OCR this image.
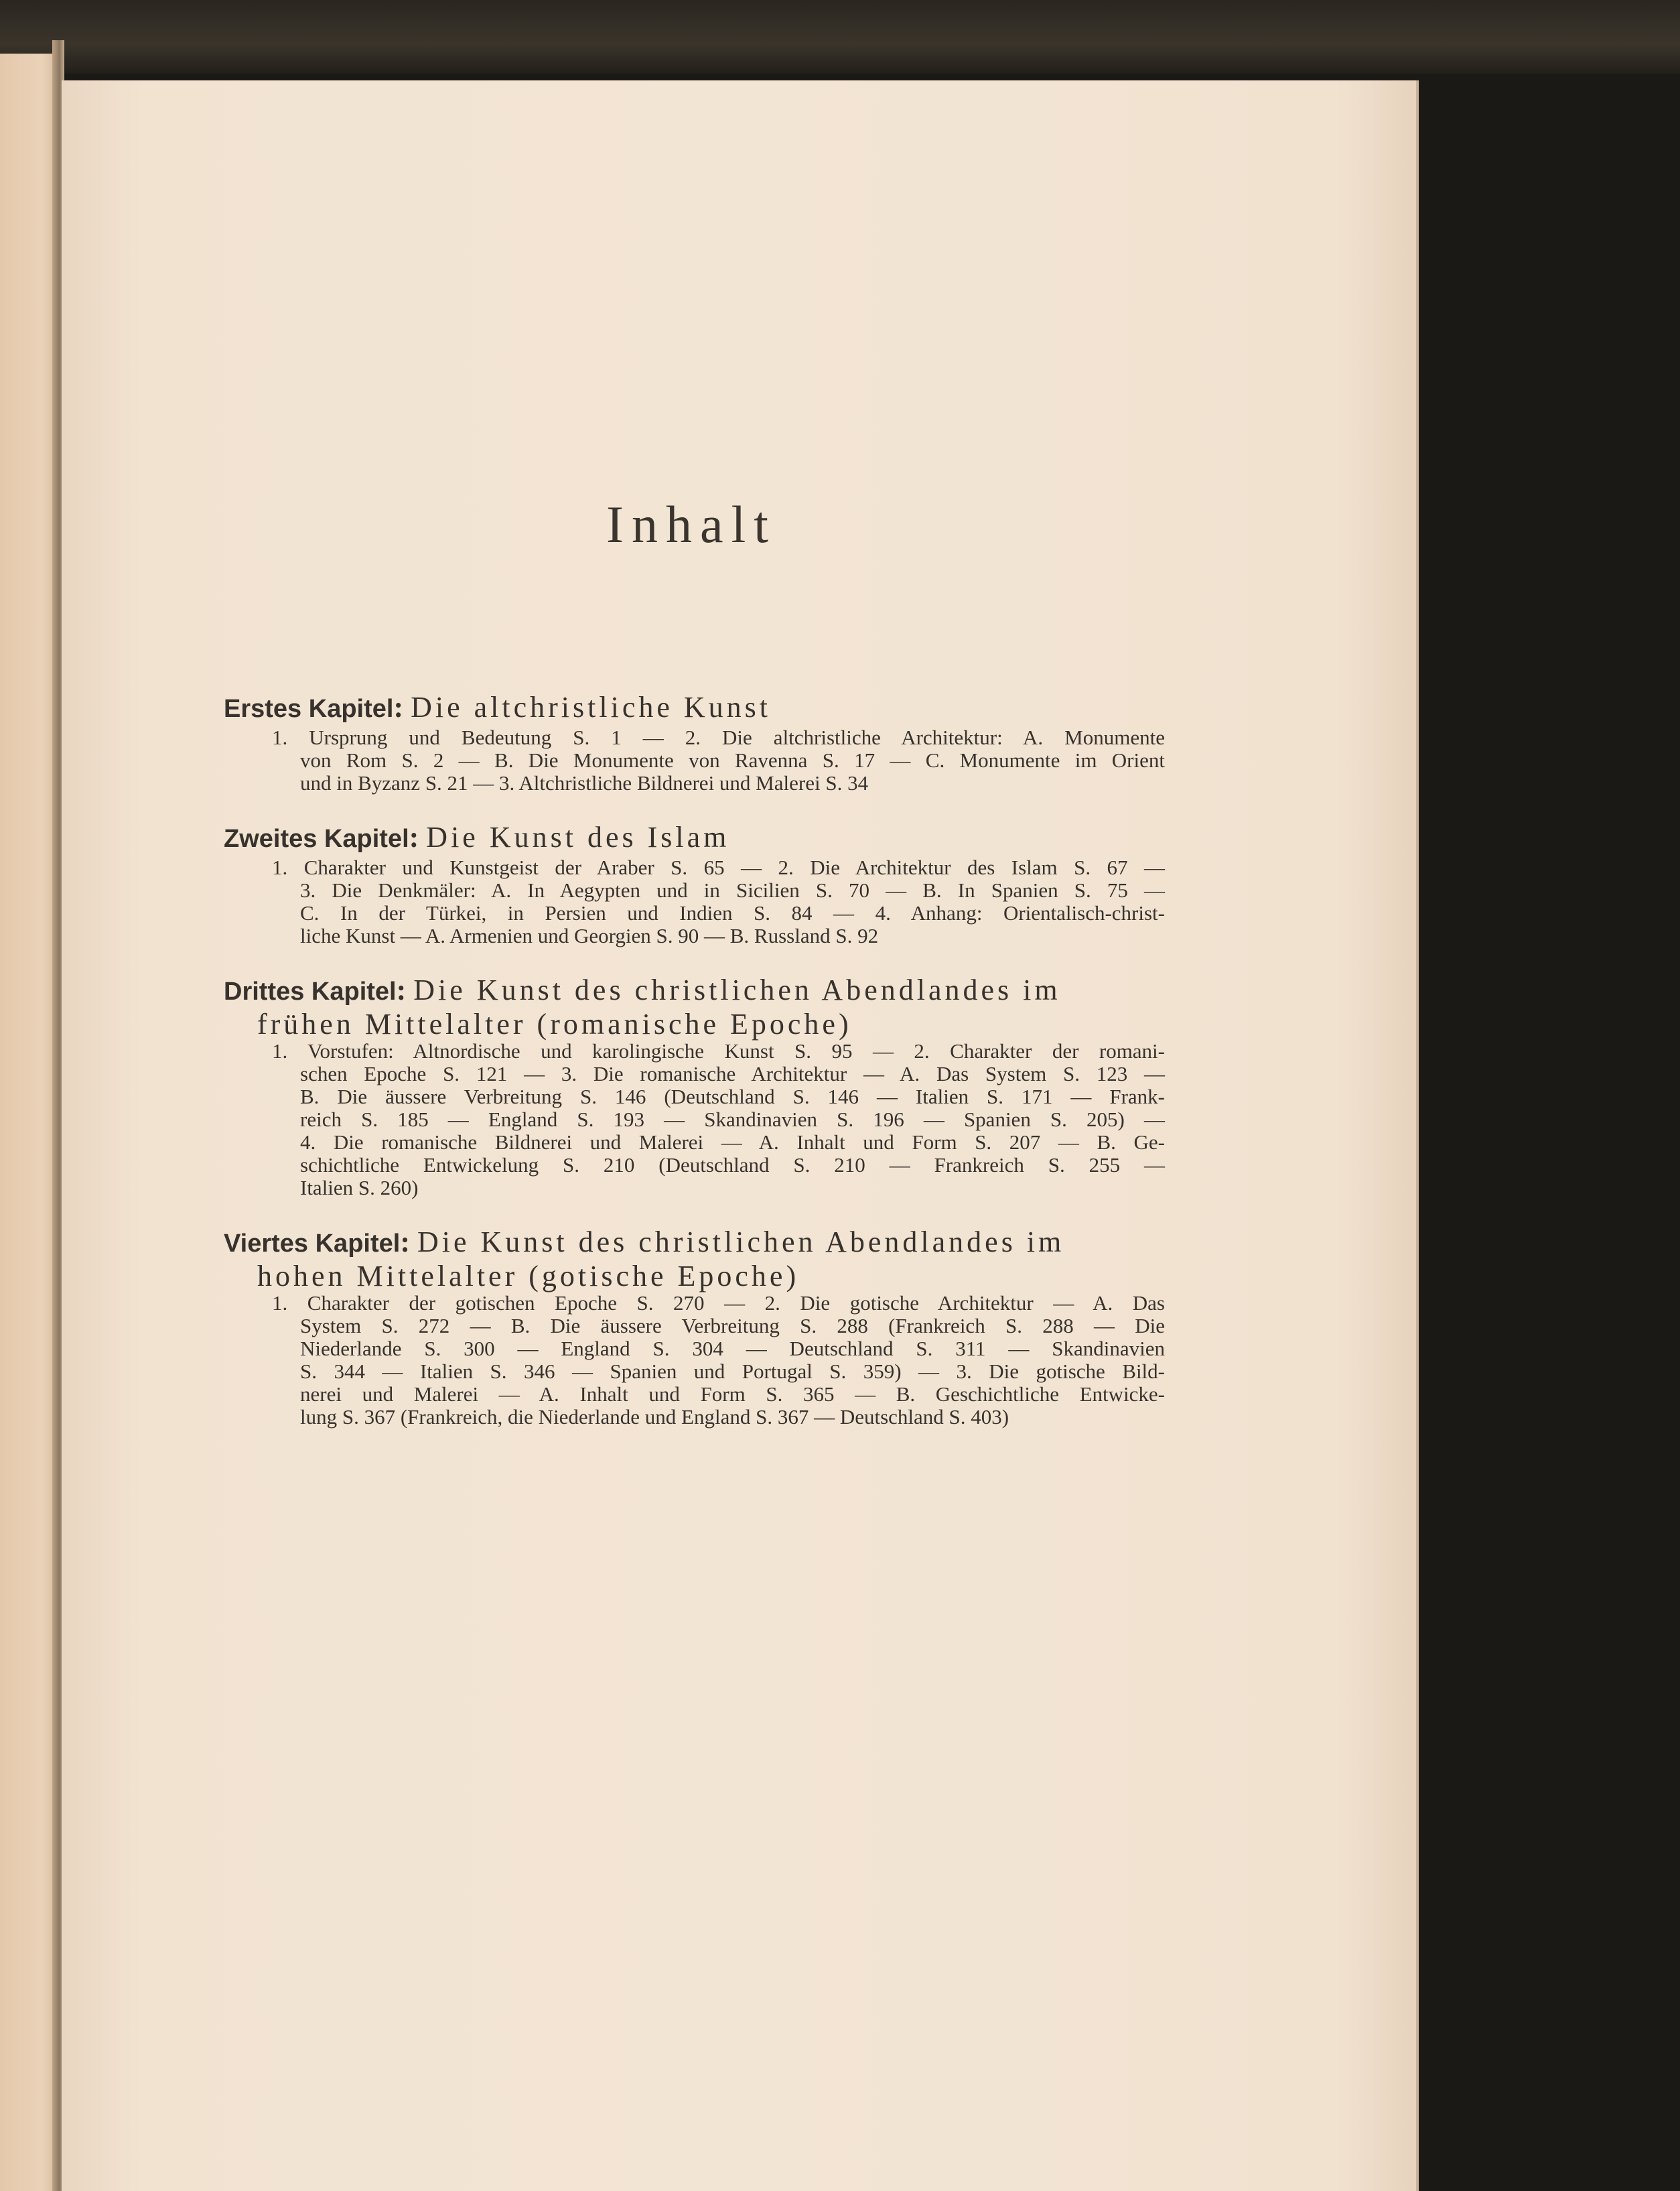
Inhalt
Erstes Kapitel: Die altchristliche Kunst
1. Ursprung und Bedeutung S. 1 — 2. Die altchristliche Architektur: A. Monumente
von Rom S. 2 — B. Die Monumente von Ravenna S. 17 — C. Monumente im Orient
und in Byzanz S. 21 — 3. Altchristliche Bildnerei und Malerei S. 34
Zweites Kapitel: Die Kunst des Islam
1. Charakter und Kunstgeist der Araber S. 65 — 2. Die Architektur des Islam S. 67 —
3. Die Denkmäler: A. In Aegypten und in Sicilien S. 70 — B. In Spanien S. 75 —
C. In der Türkei, in Persien und Indien S. 84 — 4. Anhang: Orientalisch-christ-
liche Kunst — A. Armenien und Georgien S. 90 — B. Russland S. 92
Drittes Kapitel: Die Kunst des christlichen Abendlandes im
frühen Mittelalter (romanische Epoche)
1. Vorstufen: Altnordische und karolingische Kunst S. 95 — 2. Charakter der romani-
schen Epoche S. 121 — 3. Die romanische Architektur — A. Das System S. 123 —
B. Die äussere Verbreitung S. 146 (Deutschland S. 146 — Italien S. 171 — Frank-
reich S. 185 — England S. 193 — Skandinavien S. 196 — Spanien S. 205) —
4. Die romanische Bildnerei und Malerei — A. Inhalt und Form S. 207 — B. Ge-
schichtliche Entwickelung S. 210 (Deutschland S. 210 — Frankreich S. 255 —
Italien S. 260)
Viertes Kapitel: Die Kunst des christlichen Abendlandes im
hohen Mittelalter (gotische Epoche)
1. Charakter der gotischen Epoche S. 270 — 2. Die gotische Architektur — A. Das
System S. 272 — B. Die äussere Verbreitung S. 288 (Frankreich S. 288 — Die
Niederlande S. 300 — England S. 304 — Deutschland S. 311 — Skandinavien
S. 344 — Italien S. 346 — Spanien und Portugal S. 359) — 3. Die gotische Bild-
nerei und Malerei — A. Inhalt und Form S. 365 — B. Geschichtliche Entwicke-
lung S. 367 (Frankreich, die Niederlande und England S. 367 — Deutschland S. 403)
